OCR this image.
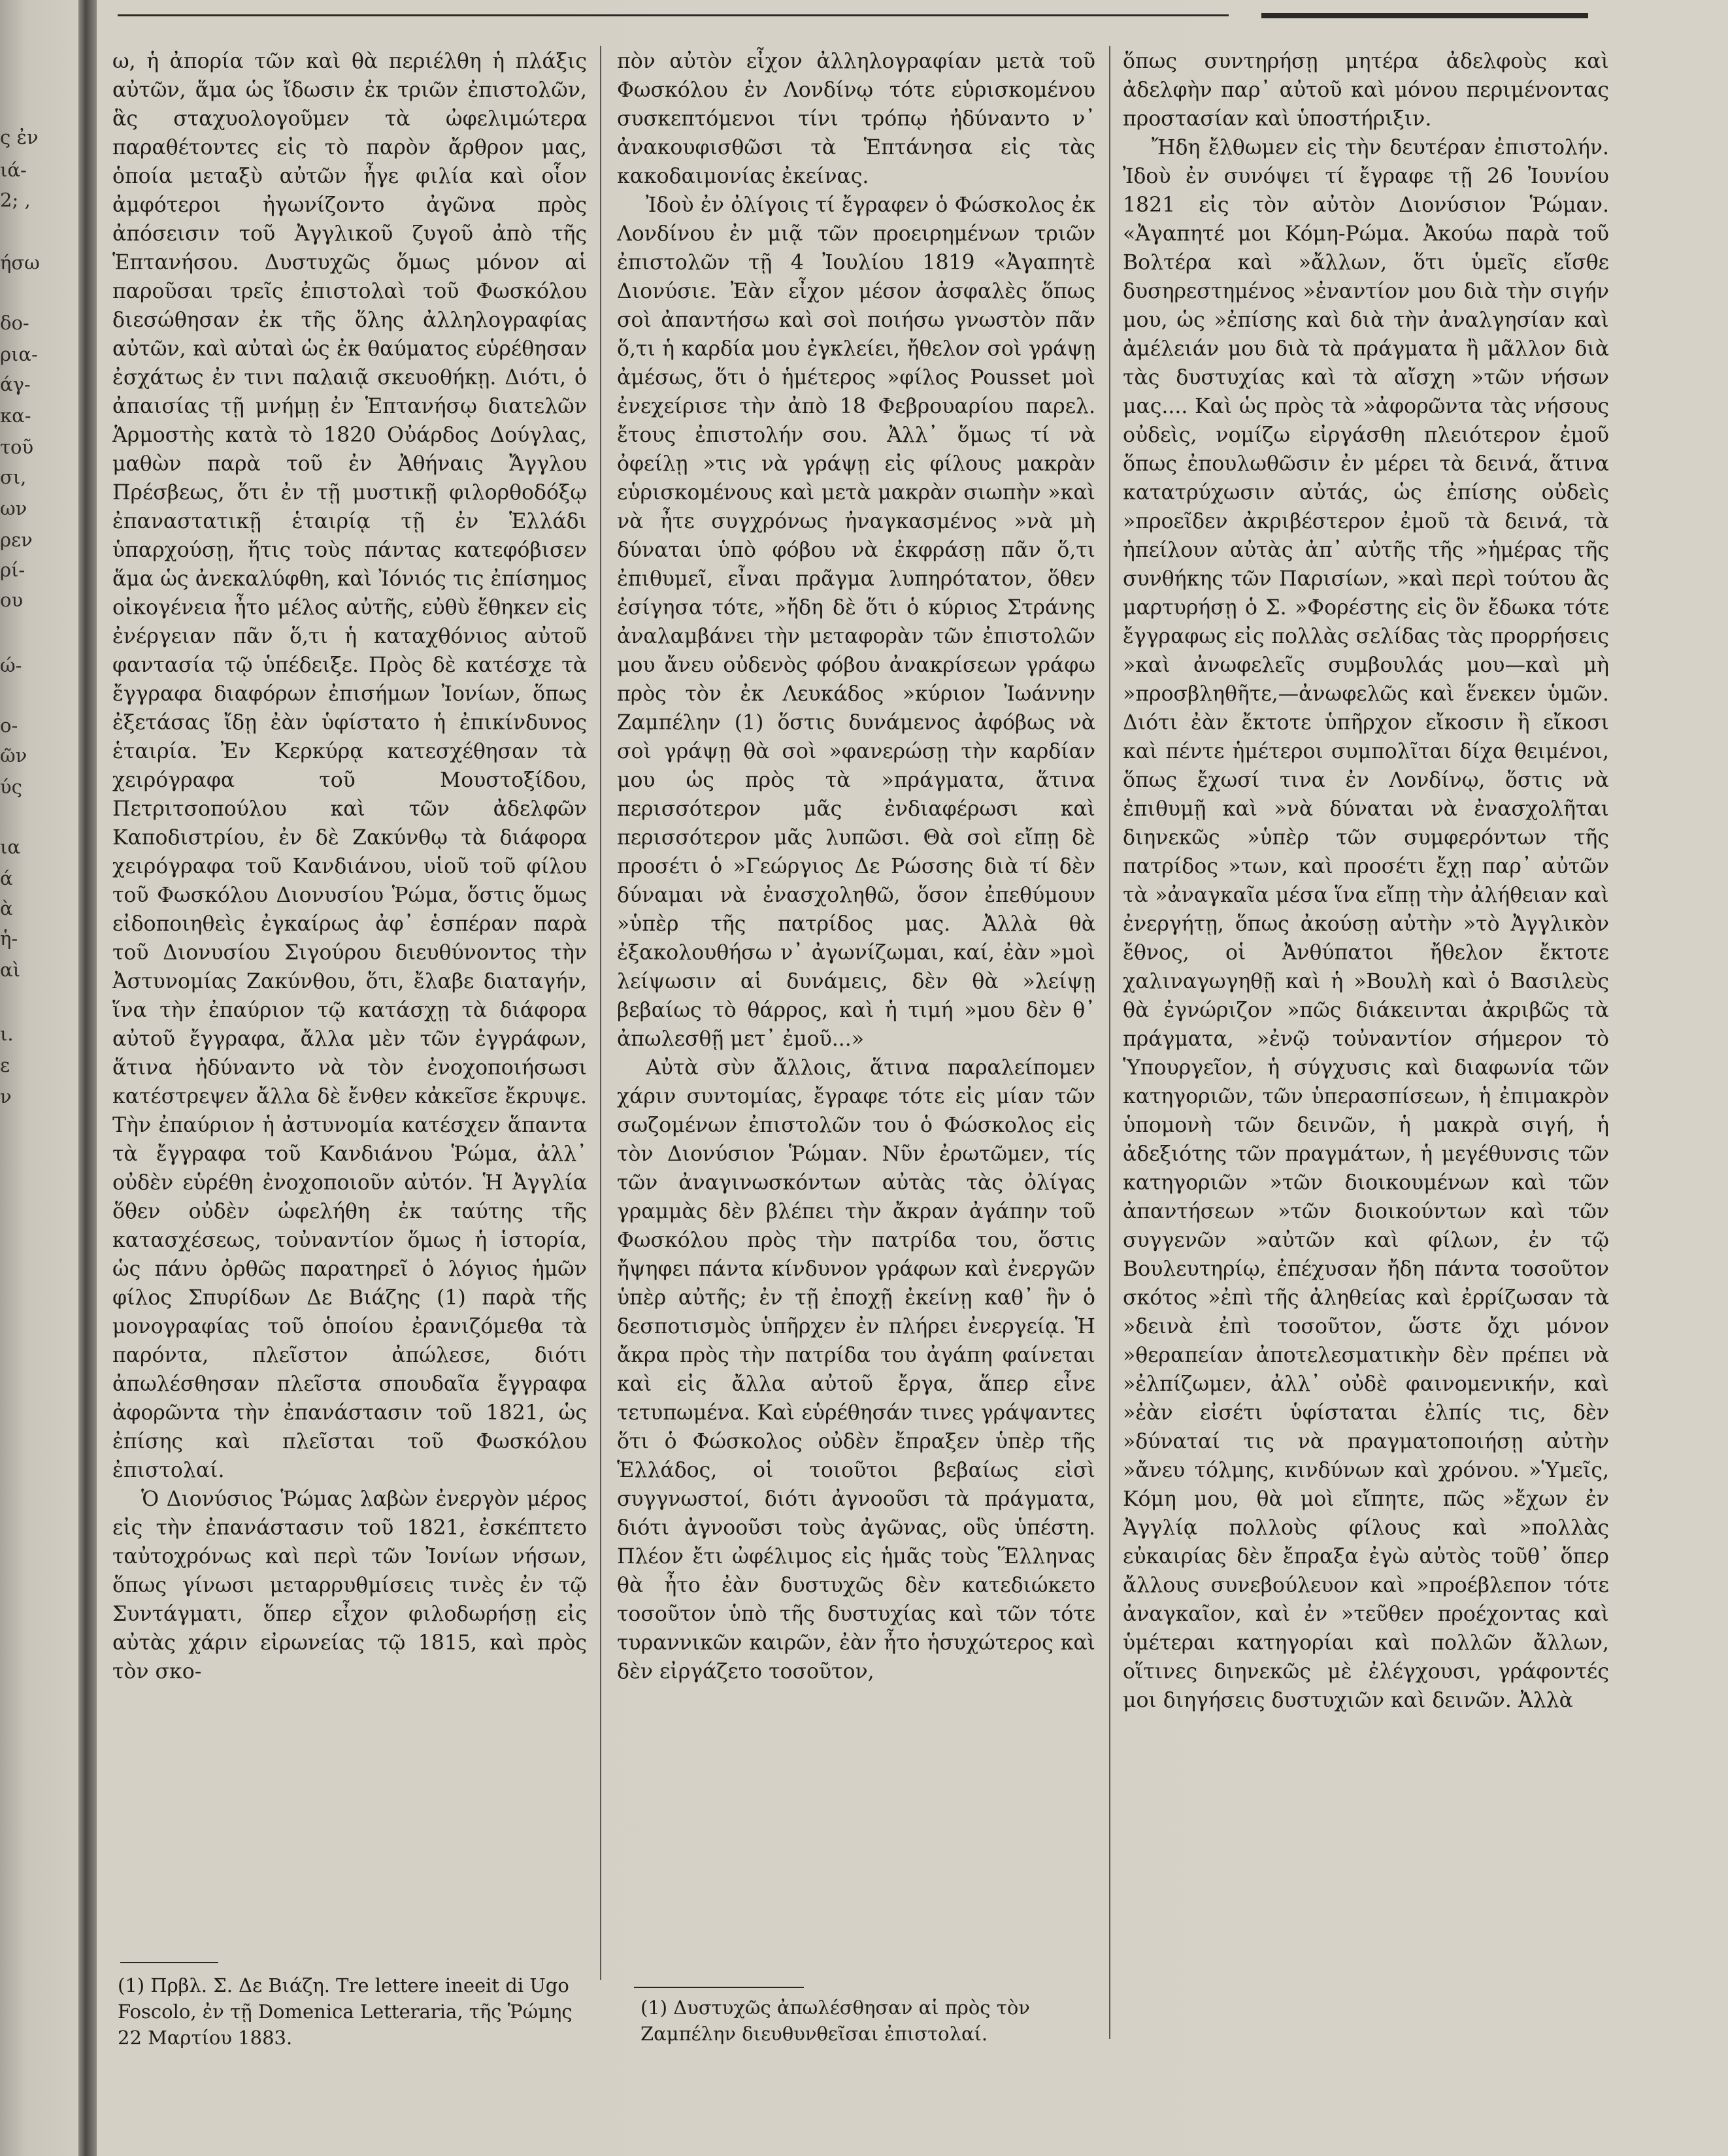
ς ἐν
ιά-
2; ,
ήσω
δο-
ρια-
άγ-
κα-
τοῦ
σι,
ων
ρεν
ρί-
ου
ώ-
ο-
ῶν
ύς
ια
ά
ὰ
ἡ-
αὶ
ι.
ε
ν

ω, ἡ ἀπορία τῶν καὶ θὰ περιέλθη ἡ πλάξις αὐτῶν, ἅμα ὡς ἴδωσιν ἐκ τριῶν ἐπιστολῶν, ἃς σταχυολογοῦμεν τὰ ὠφελιμώτερα παραθέτοντες εἰς τὸ παρὸν ἄρθρον μας, ὁποία μεταξὺ αὐτῶν ἦγε φιλία καὶ οἷον ἀμφότεροι ἠγωνίζοντο ἀγῶνα πρὸς ἀπόσεισιν τοῦ Ἀγγλικοῦ ζυγοῦ ἀπὸ τῆς Ἑπτανήσου. Δυστυχῶς ὅμως μόνον αἱ παροῦσαι τρεῖς ἐπιστολαὶ τοῦ Φωσκόλου διεσώθησαν ἐκ τῆς ὅλης ἀλληλογραφίας αὐτῶν, καὶ αὐταὶ ὡς ἐκ θαύματος εὑρέθησαν ἐσχάτως ἐν τινι παλαιᾷ σκευοθήκῃ. Διότι, ὁ ἀπαισίας τῇ μνήμῃ ἐν Ἑπτανήσῳ διατελῶν Ἁρμοστὴς κατὰ τὸ 1820 Οὐάρδος Δούγλας, μαθὼν παρὰ τοῦ ἐν Ἀθήναις Ἄγγλου Πρέσβεως, ὅτι ἐν τῇ μυστικῇ φιλορθοδόξῳ ἐπαναστατικῇ ἑταιρίᾳ τῇ ἐν Ἑλλάδι ὑπαρχούσῃ, ἥτις τοὺς πάντας κατεφόβισεν ἅμα ὡς ἀνεκαλύφθη, καὶ Ἰόνιός τις ἐπίσημος οἰκογένεια ἦτο μέλος αὐτῆς, εὐθὺ ἔθηκεν εἰς ἐνέργειαν πᾶν ὅ,τι ἡ καταχθόνιος αὐτοῦ φαντασία τῷ ὑπέδειξε. Πρὸς δὲ κατέσχε τὰ ἔγγραφα διαφόρων ἐπισήμων Ἰονίων, ὅπως ἐξετάσας ἴδῃ ἐὰν ὑφίστατο ἡ ἐπικίνδυνος ἑταιρία. Ἐν Κερκύρᾳ κατεσχέθησαν τὰ χειρόγραφα τοῦ Μουστοξίδου, Πετριτσοπούλου καὶ τῶν ἀδελφῶν Καποδιστρίου, ἐν δὲ Ζακύνθῳ τὰ διάφορα χειρόγραφα τοῦ Κανδιάνου, υἱοῦ τοῦ φίλου τοῦ Φωσκόλου Διονυσίου Ῥώμα, ὅστις ὅμως εἰδοποιηθεὶς ἐγκαίρως ἀφ᾽ ἑσπέραν παρὰ τοῦ Διονυσίου Σιγούρου διευθύνοντος τὴν Ἀστυνομίας Ζακύνθου, ὅτι, ἔλαβε διαταγήν, ἵνα τὴν ἐπαύριον τῷ κατάσχῃ τὰ διάφορα αὐτοῦ ἔγγραφα, ἄλλα μὲν τῶν ἐγγράφων, ἅτινα ἠδύναντο νὰ τὸν ἐνοχοποιήσωσι κατέστρεψεν ἄλλα δὲ ἔνθεν κἀκεῖσε ἔκρυψε. Τὴν ἐπαύριον ἡ ἀστυνομία κατέσχεν ἅπαντα τὰ ἔγγραφα τοῦ Κανδιάνου Ῥώμα, ἀλλ᾽ οὐδὲν εὑρέθη ἐνοχοποιοῦν αὐτόν. Ἡ Ἀγγλία ὅθεν οὐδὲν ὠφελήθη ἐκ ταύτης τῆς κατασχέσεως, τοὐναντίον ὅμως ἡ ἱστορία, ὡς πάνυ ὀρθῶς παρατηρεῖ ὁ λόγιος ἡμῶν φίλος Σπυρίδων Δε Βιάζης (1) παρὰ τῆς μονογραφίας τοῦ ὁποίου ἐρανιζόμεθα τὰ παρόντα, πλεῖστον ἀπώλεσε, διότι ἀπωλέσθησαν πλεῖστα σπουδαῖα ἔγγραφα ἀφορῶντα τὴν ἐπανάστασιν τοῦ 1821, ὡς ἐπίσης καὶ πλεῖσται τοῦ Φωσκόλου ἐπιστολαί.

Ὁ Διονύσιος Ῥώμας λαβὼν ἐνεργὸν μέρος εἰς τὴν ἐπανάστασιν τοῦ 1821, ἐσκέπτετο ταὐτοχρόνως καὶ περὶ τῶν Ἰονίων νήσων, ὅπως γίνωσι μεταρρυθμίσεις τινὲς ἐν τῷ Συντάγματι, ὅπερ εἶχον φιλοδωρήσῃ εἰς αὐτὰς χάριν εἰρωνείας τῷ 1815, καὶ πρὸς τὸν σκο-

πὸν αὐτὸν εἶχον ἀλληλογραφίαν μετὰ τοῦ Φωσκόλου ἐν Λονδίνῳ τότε εὑρισκομένου συσκεπτόμενοι τίνι τρόπῳ ἠδύναντο ν᾽ ἀνακουφισθῶσι τὰ Ἑπτάνησα εἰς τὰς κακοδαιμονίας ἐκείνας.

Ἰδοὺ ἐν ὀλίγοις τί ἔγραφεν ὁ Φώσκολος ἐκ Λονδίνου ἐν μιᾷ τῶν προειρημένων τριῶν ἐπιστολῶν τῇ 4 Ἰουλίου 1819 «Ἀγαπητὲ Διονύσιε. Ἐὰν εἶχον μέσον ἀσφαλὲς ὅπως σοὶ ἀπαντήσω καὶ σοὶ ποιήσω γνωστὸν πᾶν ὅ,τι ἡ καρδία μου ἐγκλείει, ἤθελον σοὶ γράψῃ ἀμέσως, ὅτι ὁ ἡμέτερος »φίλος Pousset μοὶ ἐνεχείρισε τὴν ἀπὸ 18 Φεβρουαρίου παρελ. ἔτους ἐπιστολήν σου. Ἀλλ᾽ ὅμως τί νὰ ὀφείλῃ »τις νὰ γράψῃ εἰς φίλους μακρὰν εὑρισκομένους καὶ μετὰ μακρὰν σιωπὴν »καὶ νὰ ἦτε συγχρόνως ἠναγκασμένος »νὰ μὴ δύναται ὑπὸ φόβου νὰ ἐκφράσῃ πᾶν ὅ,τι ἐπιθυμεῖ, εἶναι πρᾶγμα λυπηρότατον, ὅθεν ἐσίγησα τότε, »ἤδη δὲ ὅτι ὁ κύριος Στράνης ἀναλαμβάνει τὴν μεταφορὰν τῶν ἐπιστολῶν μου ἄνευ οὐδενὸς φόβου ἀνακρίσεων γράφω πρὸς τὸν ἐκ Λευκάδος »κύριον Ἰωάννην Ζαμπέλην (1) ὅστις δυνάμενος ἀφόβως νὰ σοὶ γράψῃ θὰ σοὶ »φανερώσῃ τὴν καρδίαν μου ὡς πρὸς τὰ »πράγματα, ἅτινα περισσότερον μᾶς ἐνδιαφέρωσι καὶ περισσότερον μᾶς λυπῶσι. Θὰ σοὶ εἴπῃ δὲ προσέτι ὁ »Γεώργιος Δε Ρώσσης διὰ τί δὲν δύναμαι νὰ ἐνασχοληθῶ, ὅσον ἐπεθύμουν »ὑπὲρ τῆς πατρίδος μας. Ἀλλὰ θὰ ἐξακολουθήσω ν᾽ ἀγωνίζωμαι, καί, ἐὰν »μοὶ λείψωσιν αἱ δυνάμεις, δὲν θὰ »λείψῃ βεβαίως τὸ θάρρος, καὶ ἡ τιμή »μου δὲν θ᾽ ἀπωλεσθῇ μετ᾽ ἐμοῦ...»

Αὐτὰ σὺν ἄλλοις, ἅτινα παραλείπομεν χάριν συντομίας, ἔγραφε τότε εἰς μίαν τῶν σωζομένων ἐπιστολῶν του ὁ Φώσκολος εἰς τὸν Διονύσιον Ῥώμαν. Νῦν ἐρωτῶμεν, τίς τῶν ἀναγινωσκόντων αὐτὰς τὰς ὀλίγας γραμμὰς δὲν βλέπει τὴν ἄκραν ἀγάπην τοῦ Φωσκόλου πρὸς τὴν πατρίδα του, ὅστις ἤψηφει πάντα κίνδυνον γράφων καὶ ἐνεργῶν ὑπὲρ αὐτῆς; ἐν τῇ ἐποχῇ ἐκείνῃ καθ᾽ ἣν ὁ δεσποτισμὸς ὑπῆρχεν ἐν πλήρει ἐνεργείᾳ. Ἡ ἄκρα πρὸς τὴν πατρίδα του ἀγάπη φαίνεται καὶ εἰς ἄλλα αὐτοῦ ἔργα, ἅπερ εἶνε τετυπωμένα. Καὶ εὑρέθησάν τινες γράψαντες ὅτι ὁ Φώσκολος οὐδὲν ἔπραξεν ὑπὲρ τῆς Ἑλλάδος, οἱ τοιοῦτοι βεβαίως εἰσὶ συγγνωστοί, διότι ἀγνοοῦσι τὰ πράγματα, διότι ἀγνοοῦσι τοὺς ἀγῶνας, οὓς ὑπέστη. Πλέον ἔτι ὠφέλιμος εἰς ἡμᾶς τοὺς Ἕλληνας θὰ ἦτο ἐὰν δυστυχῶς δὲν κατεδιώκετο τοσοῦτον ὑπὸ τῆς δυστυχίας καὶ τῶν τότε τυραννικῶν καιρῶν, ἐὰν ἦτο ἡσυχώτερος καὶ δὲν εἰργάζετο τοσοῦτον,

ὅπως συντηρήσῃ μητέρα ἀδελφοὺς καὶ ἀδελφὴν παρ᾽ αὐτοῦ καὶ μόνου περιμένοντας προστασίαν καὶ ὑποστήριξιν.

Ἤδη ἔλθωμεν εἰς τὴν δευτέραν ἐπιστολήν. Ἰδοὺ ἐν συνόψει τί ἔγραφε τῇ 26 Ἰουνίου 1821 εἰς τὸν αὐτὸν Διονύσιον Ῥώμαν. «Ἀγαπητέ μοι Κόμη-Ρώμα. Ἀκούω παρὰ τοῦ Βολτέρα καὶ »ἄλλων, ὅτι ὑμεῖς εἴσθε δυσηρεστημένος »ἐναντίον μου διὰ τὴν σιγήν μου, ὡς »ἐπίσης καὶ διὰ τὴν ἀναλγησίαν καὶ ἀμέλειάν μου διὰ τὰ πράγματα ἢ μᾶλλον διὰ τὰς δυστυχίας καὶ τὰ αἴσχη »τῶν νήσων μας.... Καὶ ὡς πρὸς τὰ »ἀφορῶντα τὰς νήσους οὐδεὶς, νομίζω εἰργάσθη πλειότερον ἐμοῦ ὅπως ἐπουλωθῶσιν ἐν μέρει τὰ δεινά, ἅτινα κατατρύχωσιν αὐτάς, ὡς ἐπίσης οὐδεὶς »προεῖδεν ἀκριβέστερον ἐμοῦ τὰ δεινά, τὰ ἠπείλουν αὐτὰς ἀπ᾽ αὐτῆς τῆς »ἡμέρας τῆς συνθήκης τῶν Παρισίων, »καὶ περὶ τούτου ἂς μαρτυρήσῃ ὁ Σ. »Φορέστης εἰς ὃν ἔδωκα τότε ἔγγραφως εἰς πολλὰς σελίδας τὰς προρρήσεις »καὶ ἀνωφελεῖς συμβουλάς μου—καὶ μὴ »προσβληθῆτε,—ἀνωφελῶς καὶ ἕνεκεν ὑμῶν. Διότι ἐὰν ἔκτοτε ὑπῆρχον εἴκοσιν ἢ εἴκοσι καὶ πέντε ἡμέτεροι συμπολῖται δίχα θειμένοι, ὅπως ἔχωσί τινα ἐν Λονδίνῳ, ὅστις νὰ ἐπιθυμῇ καὶ »νὰ δύναται νὰ ἐνασχολῆται διηνεκῶς »ὑπὲρ τῶν συμφερόντων τῆς πατρίδος »των, καὶ προσέτι ἔχῃ παρ᾽ αὐτῶν τὰ »ἀναγκαῖα μέσα ἵνα εἴπῃ τὴν ἀλήθειαν καὶ ἐνεργήτῃ, ὅπως ἀκούσῃ αὐτὴν »τὸ Ἀγγλικὸν ἔθνος, οἱ Ἀνθύπατοι ἤθελον ἔκτοτε χαλιναγωγηθῇ καὶ ἡ »Βουλὴ καὶ ὁ Βασιλεὺς θὰ ἐγνώριζον »πῶς διάκεινται ἀκριβῶς τὰ πράγματα, »ἐνῷ τοὐναντίον σήμερον τὸ Ὑπουργεῖον, ἡ σύγχυσις καὶ διαφωνία τῶν κατηγοριῶν, τῶν ὑπερασπίσεων, ἡ ἐπιμακρὸν ὑπομονὴ τῶν δεινῶν, ἡ μακρὰ σιγή, ἡ ἀδεξιότης τῶν πραγμάτων, ἡ μεγέθυνσις τῶν κατηγοριῶν »τῶν διοικουμένων καὶ τῶν ἀπαντήσεων »τῶν διοικούντων καὶ τῶν συγγενῶν »αὐτῶν καὶ φίλων, ἐν τῷ Βουλευτηρίῳ, ἐπέχυσαν ἤδη πάντα τοσοῦτον σκότος »ἐπὶ τῆς ἀληθείας καὶ ἐρρίζωσαν τὰ »δεινὰ ἐπὶ τοσοῦτον, ὥστε ὄχι μόνον »θεραπείαν ἀποτελεσματικὴν δὲν πρέπει νὰ »ἐλπίζωμεν, ἀλλ᾽ οὐδὲ φαινομενικήν, καὶ »ἐὰν εἰσέτι ὑφίσταται ἐλπίς τις, δὲν »δύναταί τις νὰ πραγματοποιήσῃ αὐτὴν »ἄνευ τόλμης, κινδύνων καὶ χρόνου. »Ὑμεῖς, Κόμη μου, θὰ μοὶ εἴπητε, πῶς »ἔχων ἐν Ἀγγλίᾳ πολλοὺς φίλους καὶ »πολλὰς εὐκαιρίας δὲν ἔπραξα ἐγὼ αὐτὸς τοῦθ᾽ ὅπερ ἄλλους συνεβούλευον καὶ »προέβλεπον τότε ἀναγκαῖον, καὶ ἐν »τεῦθεν προέχοντας καὶ ὑμέτεραι κατηγορίαι καὶ πολλῶν ἄλλων, οἵτινες διηνεκῶς μὲ ἐλέγχουσι, γράφοντές μοι διηγήσεις δυστυχιῶν καὶ δεινῶν. Ἀλλὰ

(1) Πρβλ. Σ. Δε Βιάζη. Tre lettere ineeit di Ugo Foscolo, ἐν τῇ Domenica Letteraria, τῆς Ῥώμης 22 Μαρτίου 1883.
(1) Δυστυχῶς ἀπωλέσθησαν αἱ πρὸς τὸν Ζαμπέλην διευθυνθεῖσαι ἐπιστολαί.
